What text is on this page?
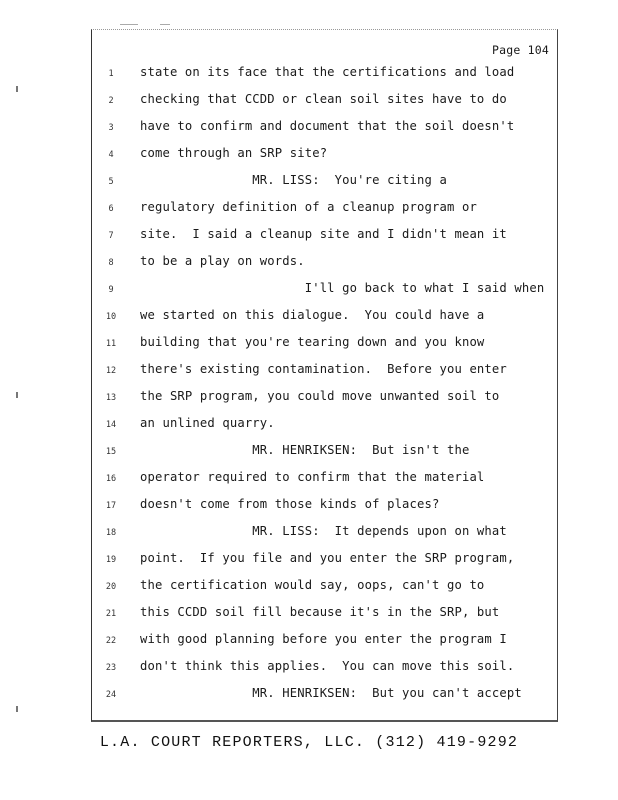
Page 104
1	state on its face that the certifications and load
2	checking that CCDD or clean soil sites have to do
3	have to confirm and document that the soil doesn't
4	come through an SRP site?
5	MR. LISS:  You're citing a
6	regulatory definition of a cleanup program or
7	site.  I said a cleanup site and I didn't mean it
8	to be a play on words.
9	I'll go back to what I said when
10	we started on this dialogue.  You could have a
11	building that you're tearing down and you know
12	there's existing contamination.  Before you enter
13	the SRP program, you could move unwanted soil to
14	an unlined quarry.
15	MR. HENRIKSEN:  But isn't the
16	operator required to confirm that the material
17	doesn't come from those kinds of places?
18	MR. LISS:  It depends upon on what
19	point.  If you file and you enter the SRP program,
20	the certification would say, oops, can't go to
21	this CCDD soil fill because it's in the SRP, but
22	with good planning before you enter the program I
23	don't think this applies.  You can move this soil.
24	MR. HENRIKSEN:  But you can't accept
L.A. COURT REPORTERS, LLC. (312) 419-9292
